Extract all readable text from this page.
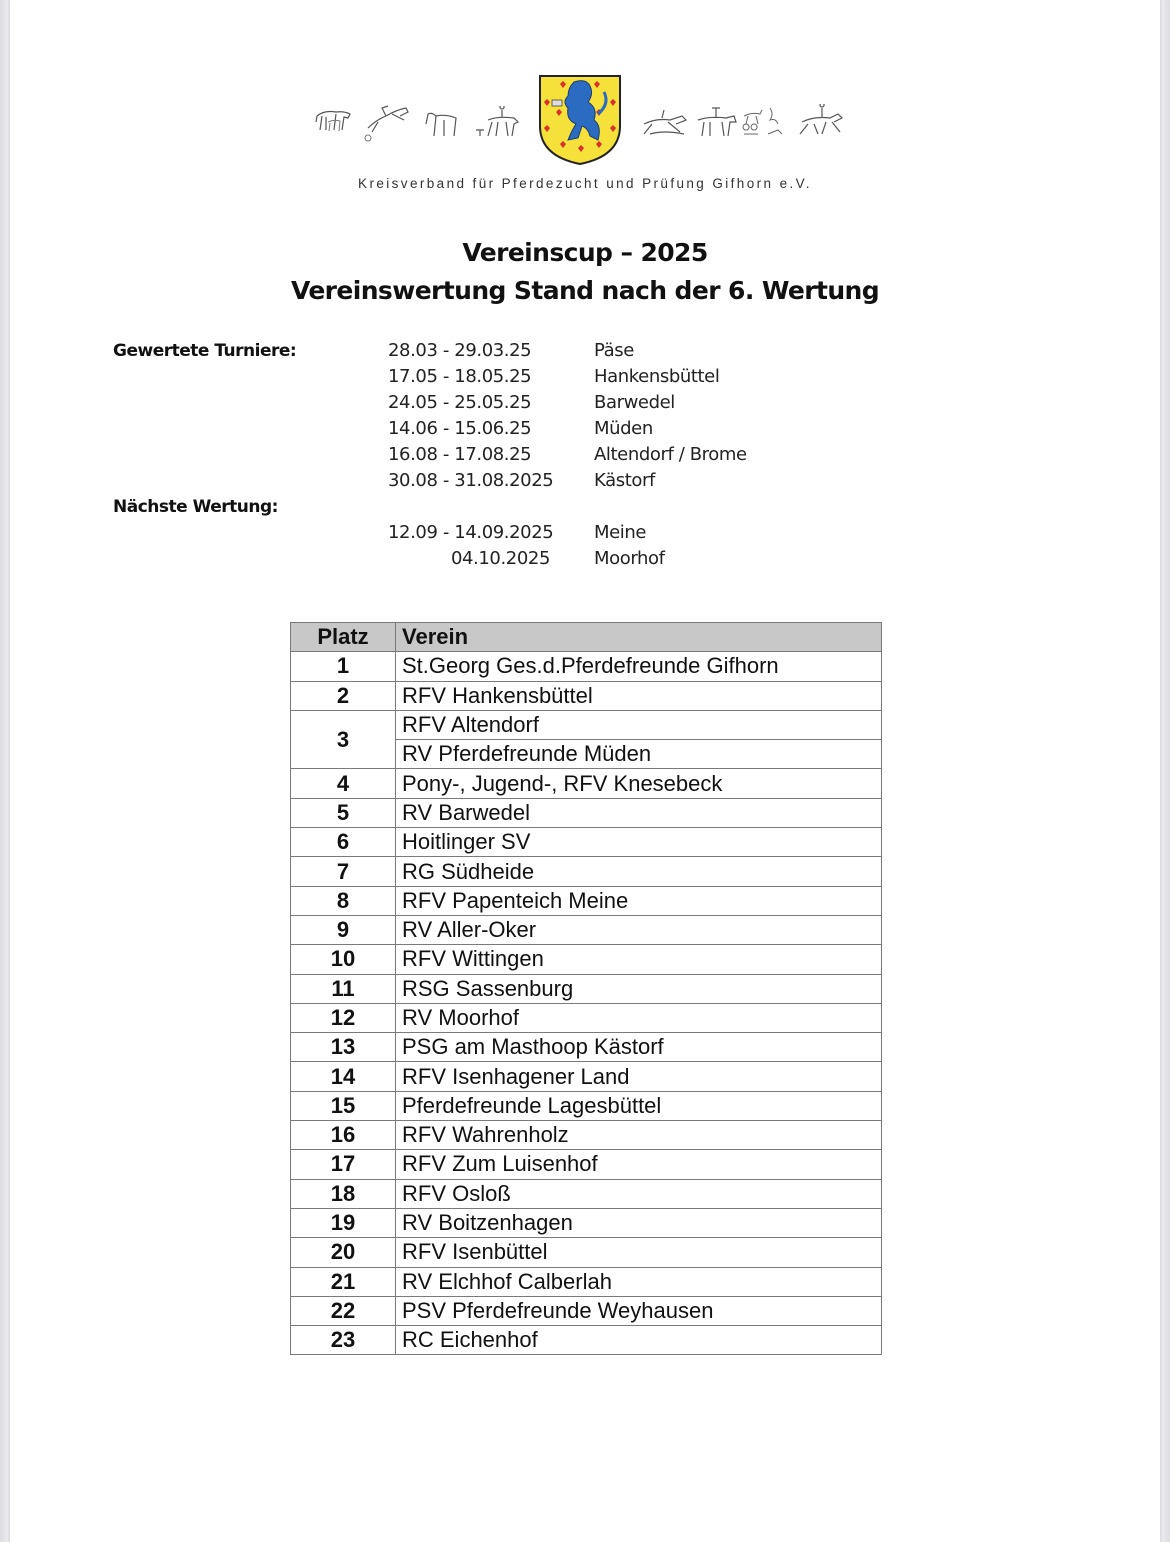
Kreisverband für Pferdezucht und Prüfung Gifhorn e.V.
Vereinscup – 2025
Vereinswertung Stand nach der 6. Wertung
Gewertete Turniere:	28.03 - 29.03.25	Päse
17.05 - 18.05.25	Hankensbüttel
24.05 - 25.05.25	Barwedel
14.06 - 15.06.25	Müden
16.08 - 17.08.25	Altendorf / Brome
30.08 - 31.08.2025 Kästorf
Nächste Wertung:
12.09 - 14.09.2025 Meine
04.10.2025 Moorhof
Platz	Verein
1	St.Georg Ges.d.Pferdefreunde Gifhorn
2	RFV Hankensbüttel
3	RFV Altendorf
	RV Pferdefreunde Müden
4	Pony-, Jugend-, RFV Knesebeck
5	RV Barwedel
6	Hoitlinger SV
7	RG Südheide
8	RFV Papenteich Meine
9	RV Aller-Oker
10	RFV Wittingen
11	RSG Sassenburg
12	RV Moorhof
13	PSG am Masthoop Kästorf
14	RFV Isenhagener Land
15	Pferdefreunde Lagesbüttel
16	RFV Wahrenholz
17	RFV Zum Luisenhof
18	RFV Osloß
19	RV Boitzenhagen
20	RFV Isenbüttel
21	RV Elchhof Calberlah
22	PSV Pferdefreunde Weyhausen
23	RC Eichenhof
